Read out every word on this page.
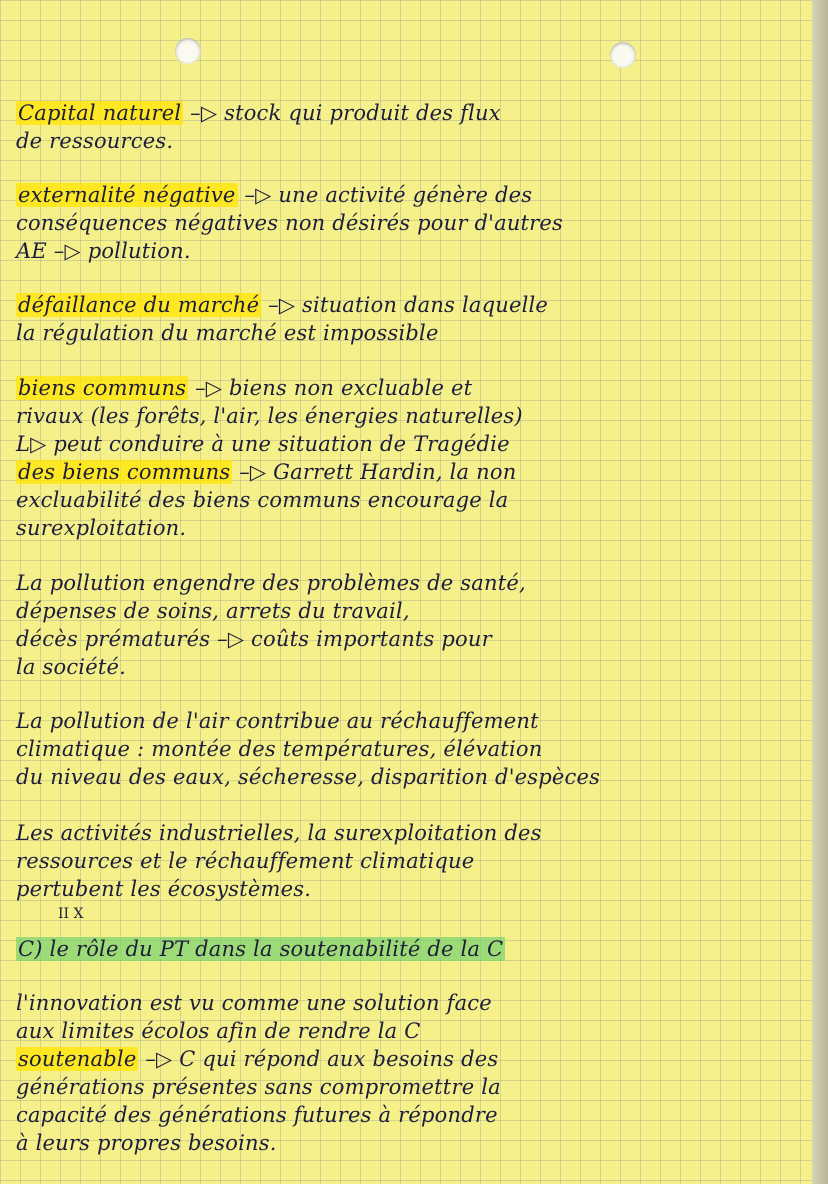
Capital naturel –▷ stock qui produit des flux
de ressources.
externalité négative –▷ une activité génère des
conséquences négatives non désirés pour d'autres
AE –▷ pollution.
défaillance du marché –▷ situation dans laquelle
la régulation du marché est impossible
biens communs –▷ biens non excluable et
rivaux (les forêts, l'air, les énergies naturelles)
L▷ peut conduire à une situation de Tragédie
des biens communs –▷ Garrett Hardin, la non
excluabilité des biens communs encourage la
surexploitation.
La pollution engendre des problèmes de santé,
dépenses de soins, arrets du travail,
décès prématurés –▷ coûts importants pour
la société.
La pollution de l'air contribue au réchauffement
climatique : montée des températures, élévation
du niveau des eaux, sécheresse, disparition d'espèces
Les activités industrielles, la surexploitation des
ressources et le réchauffement climatique
pertubent les écosystèmes.
C) le rôle du PT dans la soutenabilité de la C
l'innovation est vu comme une solution face
aux limites écolos afin de rendre la C
soutenable –▷ C qui répond aux besoins des
générations présentes sans compromettre la
capacité des générations futures à répondre
à leurs propres besoins.
II X
